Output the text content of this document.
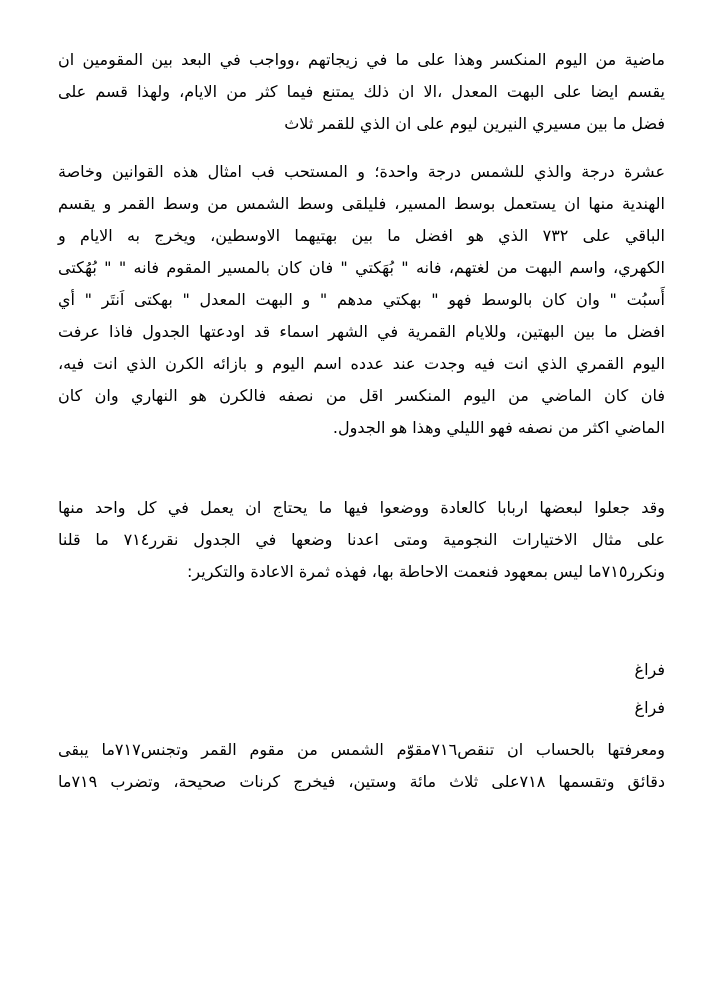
ماضية من اليوم المنكسر وهذا على ما في زيجاتهم ،وواجب في البعد بين المقومين ان
يقسم ايضا على البهت المعدل ،الا ان ذلك يمتنع فيما كثر من الايام، ولهذا قسم على
فضل ما بين مسيري النيرين ليوم على ان الذي للقمر ثلاث
عشرة درجة والذي للشمس درجة واحدة؛ و المستحب فب امثال هذه القوانين وخاصة
الهندية منها ان يستعمل بوسط المسير، فليلقى وسط الشمس من وسط القمر و يقسم
الباقي على ٧٣٢ الذي هو افضل ما بين بهتيهما الاوسطين، ويخرج به الايام و
الكهري، واسم البهت من لغتهم، فانه " بُهَكتي " فان كان بالمسير المقوم فانه " " بُهُكتى
أَسبُت " وان كان بالوسط فهو " بهكتي مدهم " و البهت المعدل " بهكتى اَنتَر " أي
افضل ما بين البهتين، وللايام القمرية في الشهر اسماء قد اودعتها الجدول فاذا عرفت
اليوم القمري الذي انت فيه وجدت عند عدده اسم اليوم و بازائه الكرن الذي انت فيه،
فان كان الماضي من اليوم المنكسر اقل من نصفه فالكرن هو النهاري وان كان
الماضي اكثر من نصفه فهو الليلي وهذا هو الجدول.
وقد جعلوا لبعضها اربابا كالعادة ووضعوا فيها ما يحتاج ان يعمل في كل واحد منها
على مثال الاختيارات النجومية ومتى اعدنا وضعها في الجدول نقرر٧١٤ ما قلنا
ونكرر٧١٥ما ليس بمعهود فنعمت الاحاطة بها، فهذه ثمرة الاعادة والتكرير:
فراغ
فراغ
ومعرفتها بالحساب ان تنقص٧١٦مقوّم الشمس من مقوم القمر وتجنس٧١٧ما يبقى
دقائق وتقسمها ٧١٨على ثلاث مائة وستين، فيخرج كرنات صحيحة، وتضرب ٧١٩ما
